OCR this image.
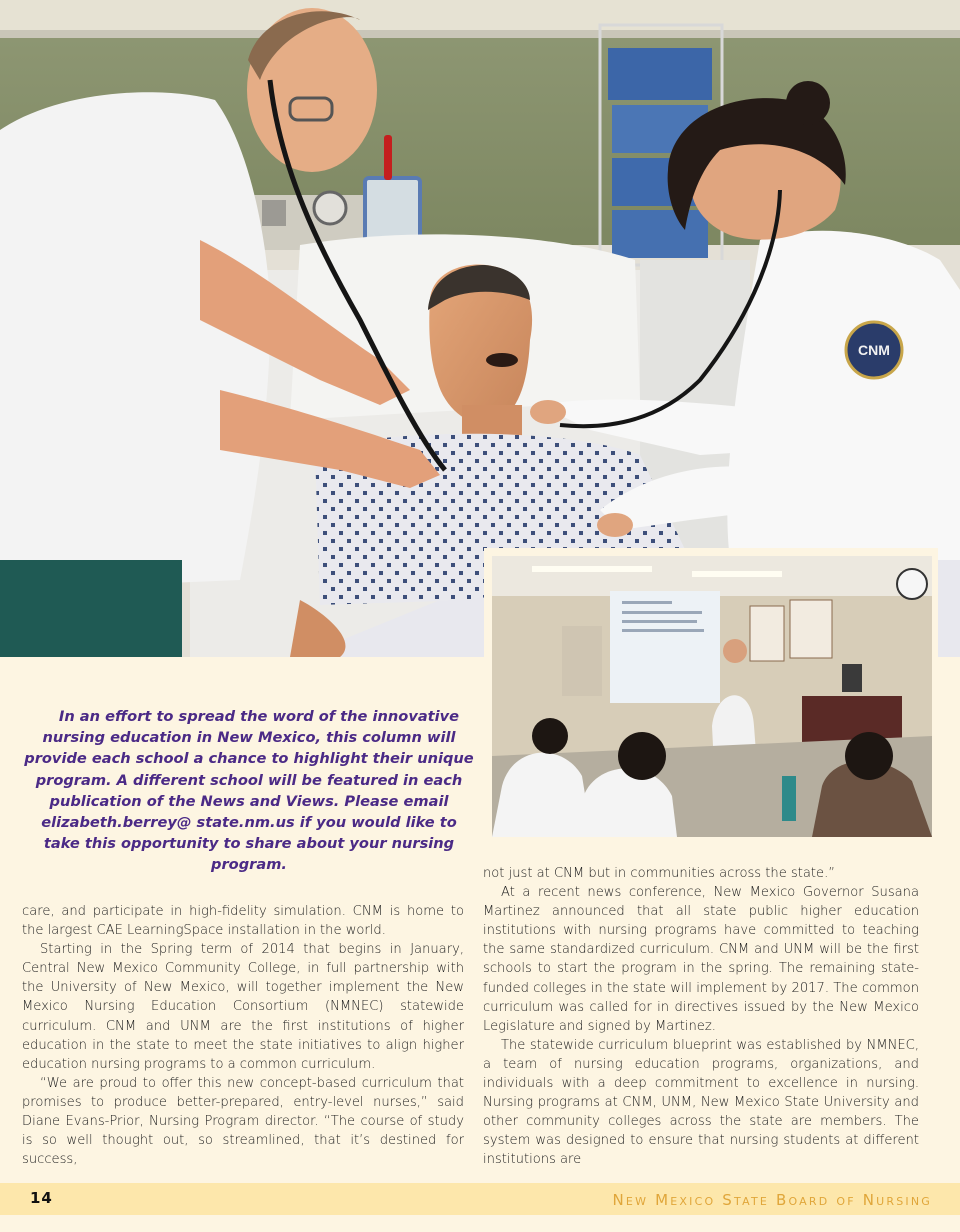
CNM

In an effort to spread the word of the innovative nursing education in New Mexico, this column will provide each school a chance to highlight their unique program. A different school will be featured in each publication of the News and Views. Please email elizabeth.berrey@ state.nm.us if you would like to take this opportunity to share about your nursing program.

care, and participate in high-fidelity simulation. CNM is home to the largest CAE LearningSpace installation in the world.

Starting in the Spring term of 2014 that begins in January, Central New Mexico Community College, in full partnership with the University of New Mexico, will together implement the New Mexico Nursing Education Consortium (NMNEC) statewide curriculum. CNM and UNM are the first institutions of higher education in the state to meet the state initiatives to align higher education nursing programs to a common curriculum.

“We are proud to offer this new concept-based curriculum that promises to produce better-prepared, entry-level nurses,” said Diane Evans-Prior, Nursing Program director. “The course of study is so well thought out, so streamlined, that it’s destined for success,

not just at CNM but in communities across the state.”

At a recent news conference, New Mexico Governor Susana Martinez announced that all state public higher education institutions with nursing programs have committed to teaching the same standardized curriculum. CNM and UNM will be the first schools to start the program in the spring. The remaining state-funded colleges in the state will implement by 2017. The common curriculum was called for in directives issued by the New Mexico Legislature and signed by Martinez.

The statewide curriculum blueprint was established by NMNEC, a team of nursing education programs, organizations, and individuals with a deep commitment to excellence in nursing. Nursing programs at CNM, UNM, New Mexico State University and other community colleges across the state are members. The system was designed to ensure that nursing students at different institutions are

14	New Mexico State Board of Nursing
